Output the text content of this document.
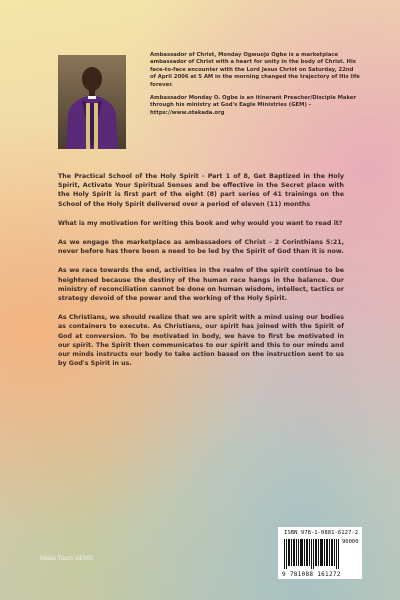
Ambassador of Christ, Monday Ogwuojo Ogbe is a marketplace ambassador of Christ with a heart for unity in the body of Christ. His face-to-face encounter with the Lord Jesus Christ on Saturday, 22nd of April 2006 at 5 AM in the morning changed the trajectory of His life forever.

Ambassador Monday O. Ogbe is an itinerant Preacher/Disciple Maker through his ministry at God's Eagle Ministries (GEM) - https://www.otakada.org

The Practical School of the Holy Spirit - Part 1 of 8, Get Baptized in the Holy Spirit, Activate Your Spiritual Senses and be effective in the Secret place with the Holy Spirit is first part of the eight (8) part series of 41 trainings on the School of the Holy Spirit delivered over a period of eleven (11) months

What is my motivation for writing this book and why would you want to read it?

As we engage the marketplace as ambassadors of Christ – 2 Corinthians 5:21, never before has there been a need to be led by the Spirit of God than it is now.

As we race towards the end, activities in the realm of the spirit continue to be heightened because the destiny of the human race hangs in the balance. Our ministry of reconciliation cannot be done on human wisdom, intellect, tactics or strategy devoid of the power and the working of the Holy Spirit.

As Christians, we should realize that we are spirit with a mind using our bodies as containers to execute. As Christians, our spirit has joined with the Spirit of God at conversion. To be motivated in body, we have to first be motivated in our spirit. The Spirit then communicates to our spirit and this to our minds and our minds instructs our body to take action based on the instruction sent to us by God's Spirit in us.

ISBN 978-1-0881-6127-2
90000
9 781088 161272
Midas Touch GEMS
